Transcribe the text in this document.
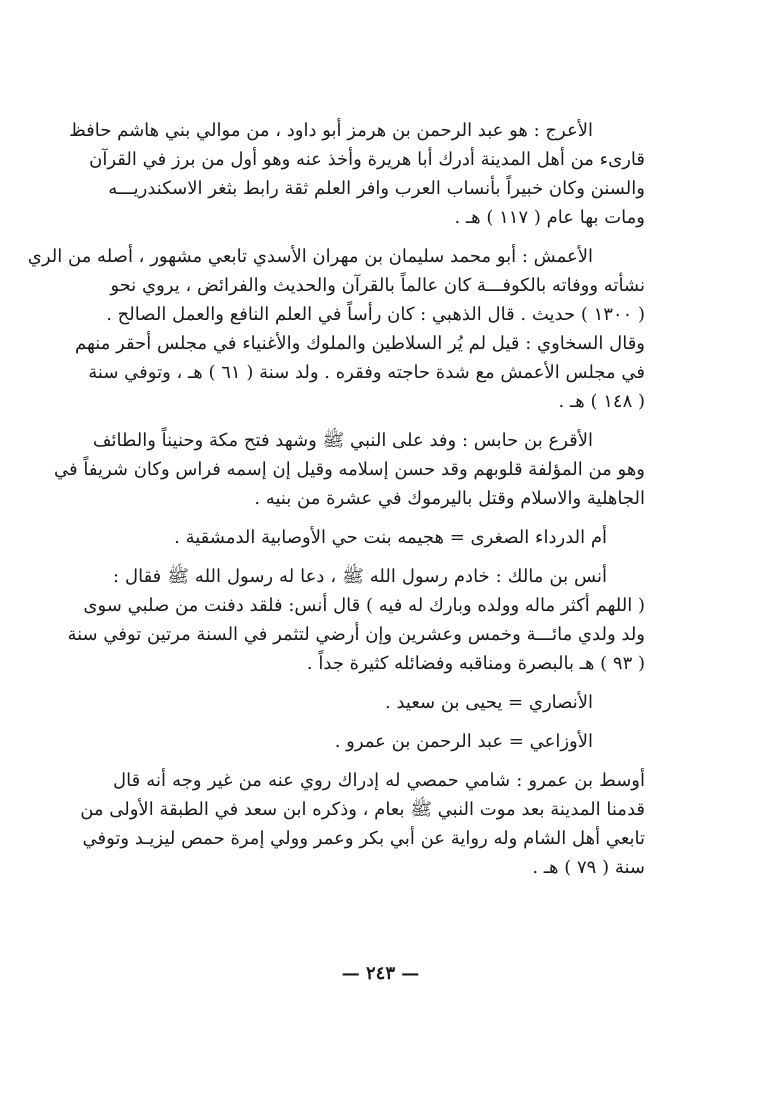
الأعرج : هو عبد الرحمن بن هرمز أبو داود ، من موالي بني هاشم حافظ
قارىء من أهل المدينة أدرك أبا هريرة وأخذ عنه وهو أول من برز في القرآن
والسنن وكان خبيراً بأنساب العرب وافر العلم ثقة رابط بثغر الاسكندريـــه
ومات بها عام ( ١١٧ ) هـ .
الأعمش : أبو محمد سليمان بن مهران الأسدي تابعي مشهور ، أصله من الري
نشأته ووفاته بالكوفـــة كان عالماً بالقرآن والحديث والفرائض ، يروي نحو
( ١٣٠٠ ) حديث . قال الذهبي : كان رأساً في العلم النافع والعمل الصالح .
وقال السخاوي : قيل لم يُر السلاطين والملوك والأغنياء في مجلس أحقر منهم
في مجلس الأعمش مع شدة حاجته وفقره . ولد سنة ( ٦١ ) هـ ، وتوفي سنة
( ١٤٨ ) هـ .
الأقرع بن حابس : وفد على النبي ﷺ وشهد فتح مكة وحنيناً والطائف
وهو من المؤلفة قلوبهم وقد حسن إسلامه وقيل إن إسمه فراس وكان شريفاً في
الجاهلية والاسلام وقتل باليرموك في عشرة من بنيه .
أم الدرداء الصغرى = هجيمه بنت حي الأوصابية الدمشقية .
أنس بن مالك : خادم رسول الله ﷺ ، دعا له رسول الله ﷺ فقال :
( اللهم أكثر ماله وولده وبارك له فيه ) قال أنس: فلقد دفنت من صلبي سوى
ولد ولدي مائـــة وخمس وعشرين وإن أرضي لتثمر في السنة مرتين توفي سنة
( ٩٣ ) هـ بالبصرة ومناقبه وفضائله كثيرة جداً .
الأنصاري = يحيى بن سعيد .
الأوزاعي = عبد الرحمن بن عمرو .
أوسط بن عمرو : شامي حمصي له إدراك روي عنه من غير وجه أنه قال
قدمنا المدينة بعد موت النبي ﷺ بعام ، وذكره ابن سعد في الطبقة الأولى من
تابعي أهل الشام وله رواية عن أبي بكر وعمر وولي إمرة حمص ليزيـد وتوفي
سنة ( ٧٩ ) هـ .
— ٢٤٣ —
